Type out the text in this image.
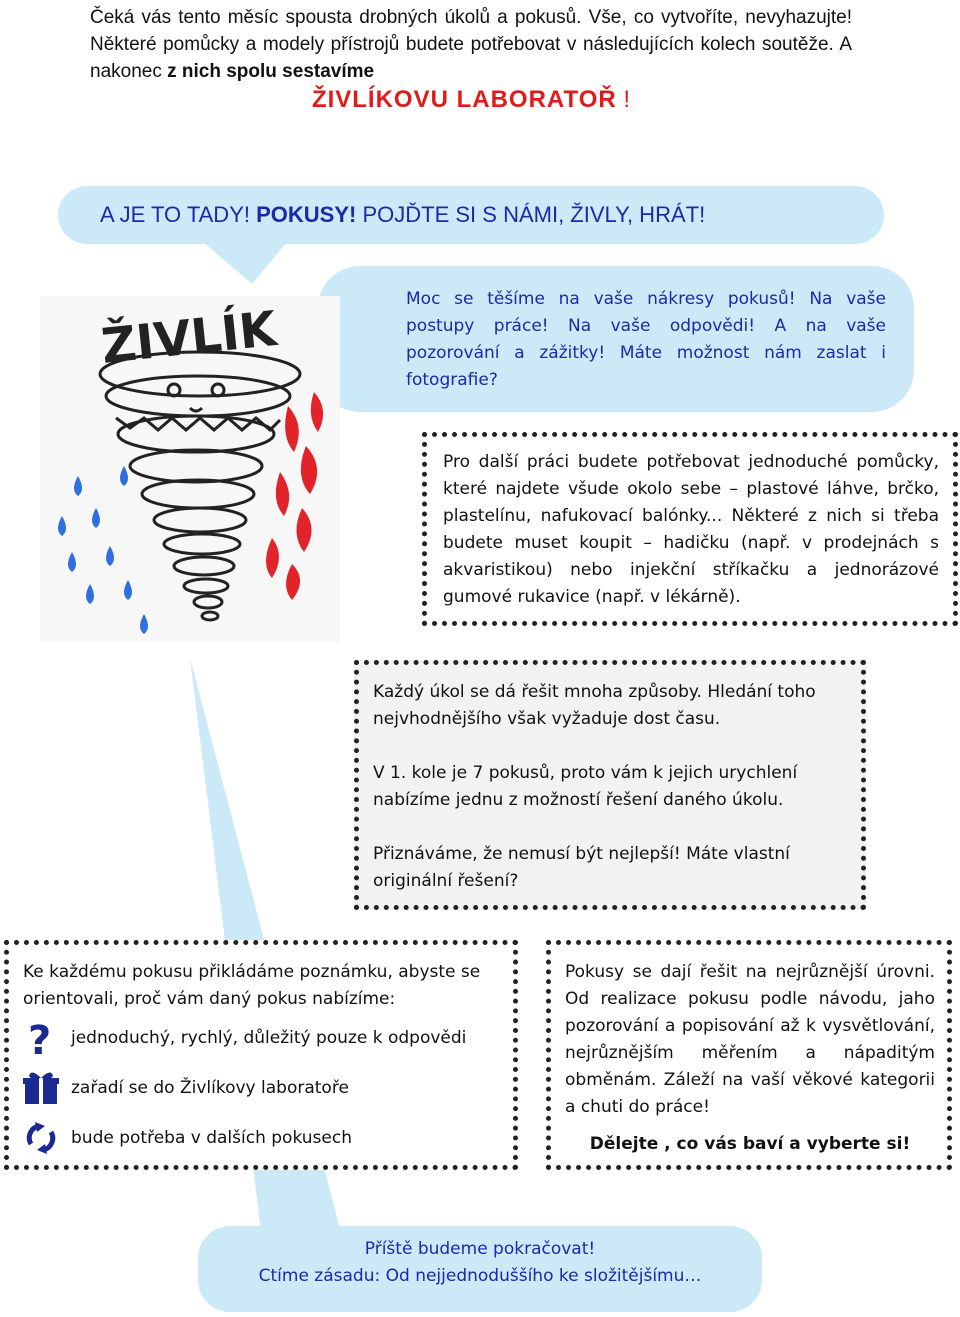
Čeká vás tento měsíc spousta drobných úkolů a pokusů. Vše, co vytvoříte, nevyhazujte! Některé pomůcky a modely přístrojů budete potřebovat v následujících kolech soutěže. A nakonec z nich spolu sestavíme
ŽIVLÍKOVU LABORATOŘ !
A JE TO TADY! POKUSY! POJĎTE SI S NÁMI, ŽIVLY, HRÁT!
Moc se těšíme na vaše nákresy pokusů! Na vaše postupy práce! Na vaše odpovědi! A na vaše pozorování a zážitky! Máte možnost nám zaslat i fotografie?
ŽIVLÍK
Pro další práci budete potřebovat jednoduché pomůcky, které najdete všude okolo sebe – plastové láhve, brčko, plastelínu, nafukovací balónky... Některé z nich si třeba budete muset koupit – hadičku (např. v prodejnách s akvaristikou) nebo injekční stříkačku a jednorázové gumové rukavice (např. v lékárně).

Každý úkol se dá řešit mnoha způsoby. Hledání toho nejvhodnějšího však vyžaduje dost času.

V 1. kole je 7 pokusů, proto vám k jejich urychlení nabízíme jednu z možností řešení daného úkolu.

Přiznáváme, že nemusí být nejlepší! Máte vlastní originální řešení?

Ke každému pokusu přikládáme poznámku, abyste se orientovali, proč vám daný pokus nabízíme:
? jednoduchý, rychlý, důležitý pouze k odpovědi
zařadí se do Živlíkovy laboratoře
bude potřeba v dalších pokusech
Pokusy se dají řešit na nejrůznější úrovni. Od realizace pokusu podle návodu, jaho pozorování a popisování až k vysvětlování, nejrůznějším měřením a nápaditým obměnám. Záleží na vaší věkové kategorii a chuti do práce!
Dělejte , co vás baví a vyberte si!
Příště budeme pokračovat!
Ctíme zásadu: Od nejjednoduššího ke složitějšímu…
